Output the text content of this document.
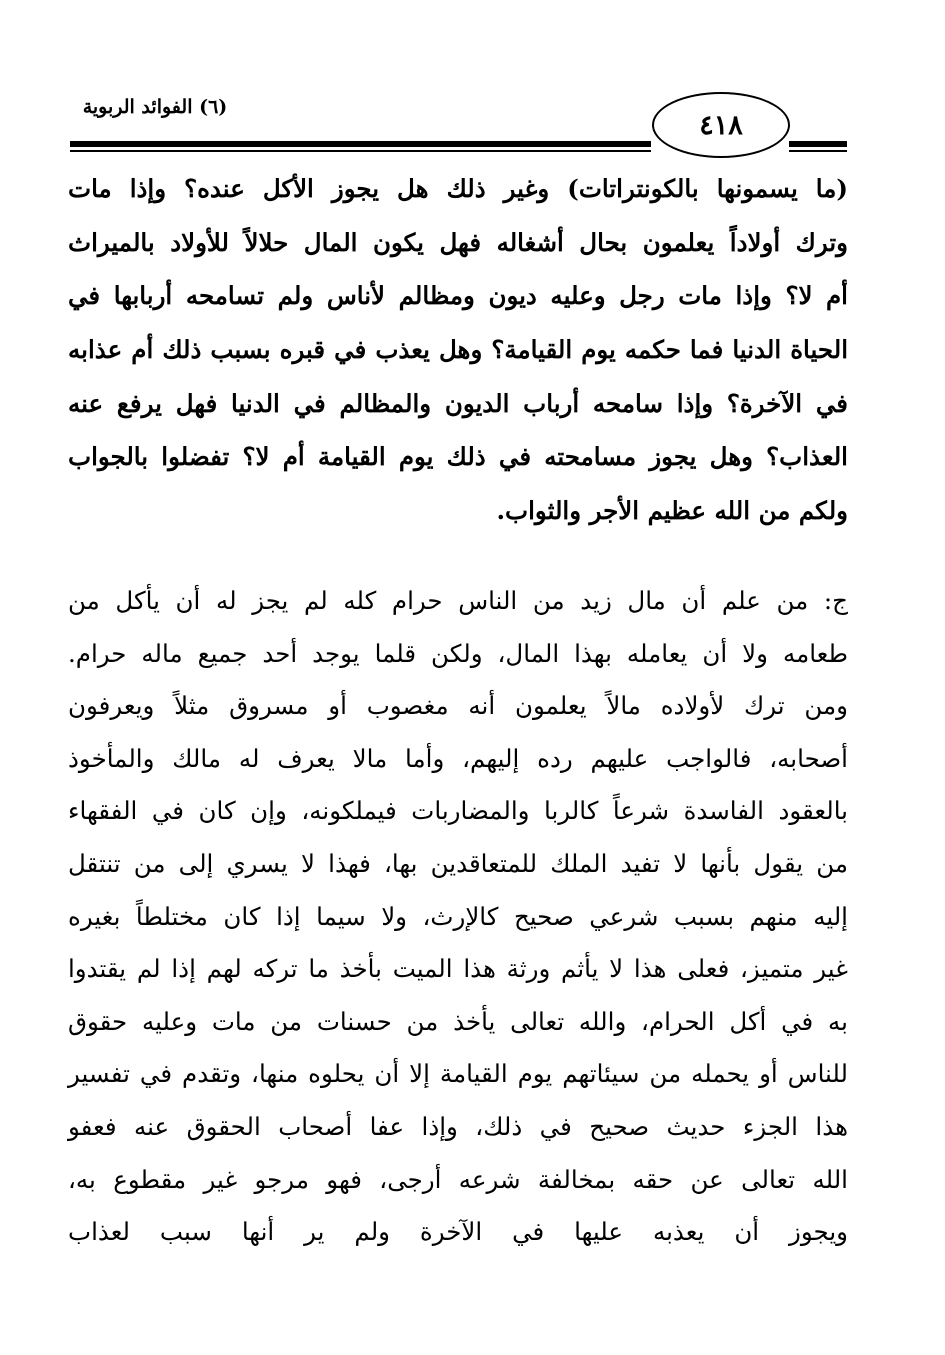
٤١٨
(٦) الفوائد الربوية
(ما يسمونها بالكونتراتات) وغير ذلك هل يجوز الأكل عنده؟ وإذا مات
وترك أولاداً يعلمون بحال أشغاله فهل يكون المال حلالاً للأولاد بالميراث
أم لا؟ وإذا مات رجل وعليه ديون ومظالم لأناس ولم تسامحه أربابها في
الحياة الدنيا فما حكمه يوم القيامة؟ وهل يعذب في قبره بسبب ذلك أم عذابه
في الآخرة؟ وإذا سامحه أرباب الديون والمظالم في الدنيا فهل يرفع عنه
العذاب؟ وهل يجوز مسامحته في ذلك يوم القيامة أم لا؟ تفضلوا بالجواب
ولكم من الله عظيم الأجر والثواب.
ج: من علم أن مال زيد من الناس حرام كله لم يجز له أن يأكل من
طعامه ولا أن يعامله بهذا المال، ولكن قلما يوجد أحد جميع ماله حرام.
ومن ترك لأولاده مالاً يعلمون أنه مغصوب أو مسروق مثلاً ويعرفون
أصحابه، فالواجب عليهم رده إليهم، وأما مالا يعرف له مالك والمأخوذ
بالعقود الفاسدة شرعاً كالربا والمضاربات فيملكونه، وإن كان في الفقهاء
من يقول بأنها لا تفيد الملك للمتعاقدين بها، فهذا لا يسري إلى من تنتقل
إليه منهم بسبب شرعي صحيح كالإرث، ولا سيما إذا كان مختلطاً بغيره
غير متميز، فعلى هذا لا يأثم ورثة هذا الميت بأخذ ما تركه لهم إذا لم يقتدوا
به في أكل الحرام، والله تعالى يأخذ من حسنات من مات وعليه حقوق
للناس أو يحمله من سيئاتهم يوم القيامة إلا أن يحلوه منها، وتقدم في تفسير
هذا الجزء حديث صحيح في ذلك، وإذا عفا أصحاب الحقوق عنه فعفو
الله تعالى عن حقه بمخالفة شرعه أرجى، فهو مرجو غير مقطوع به،
ويجوز أن يعذبه عليها في الآخرة ولم ير أنها سبب لعذاب
